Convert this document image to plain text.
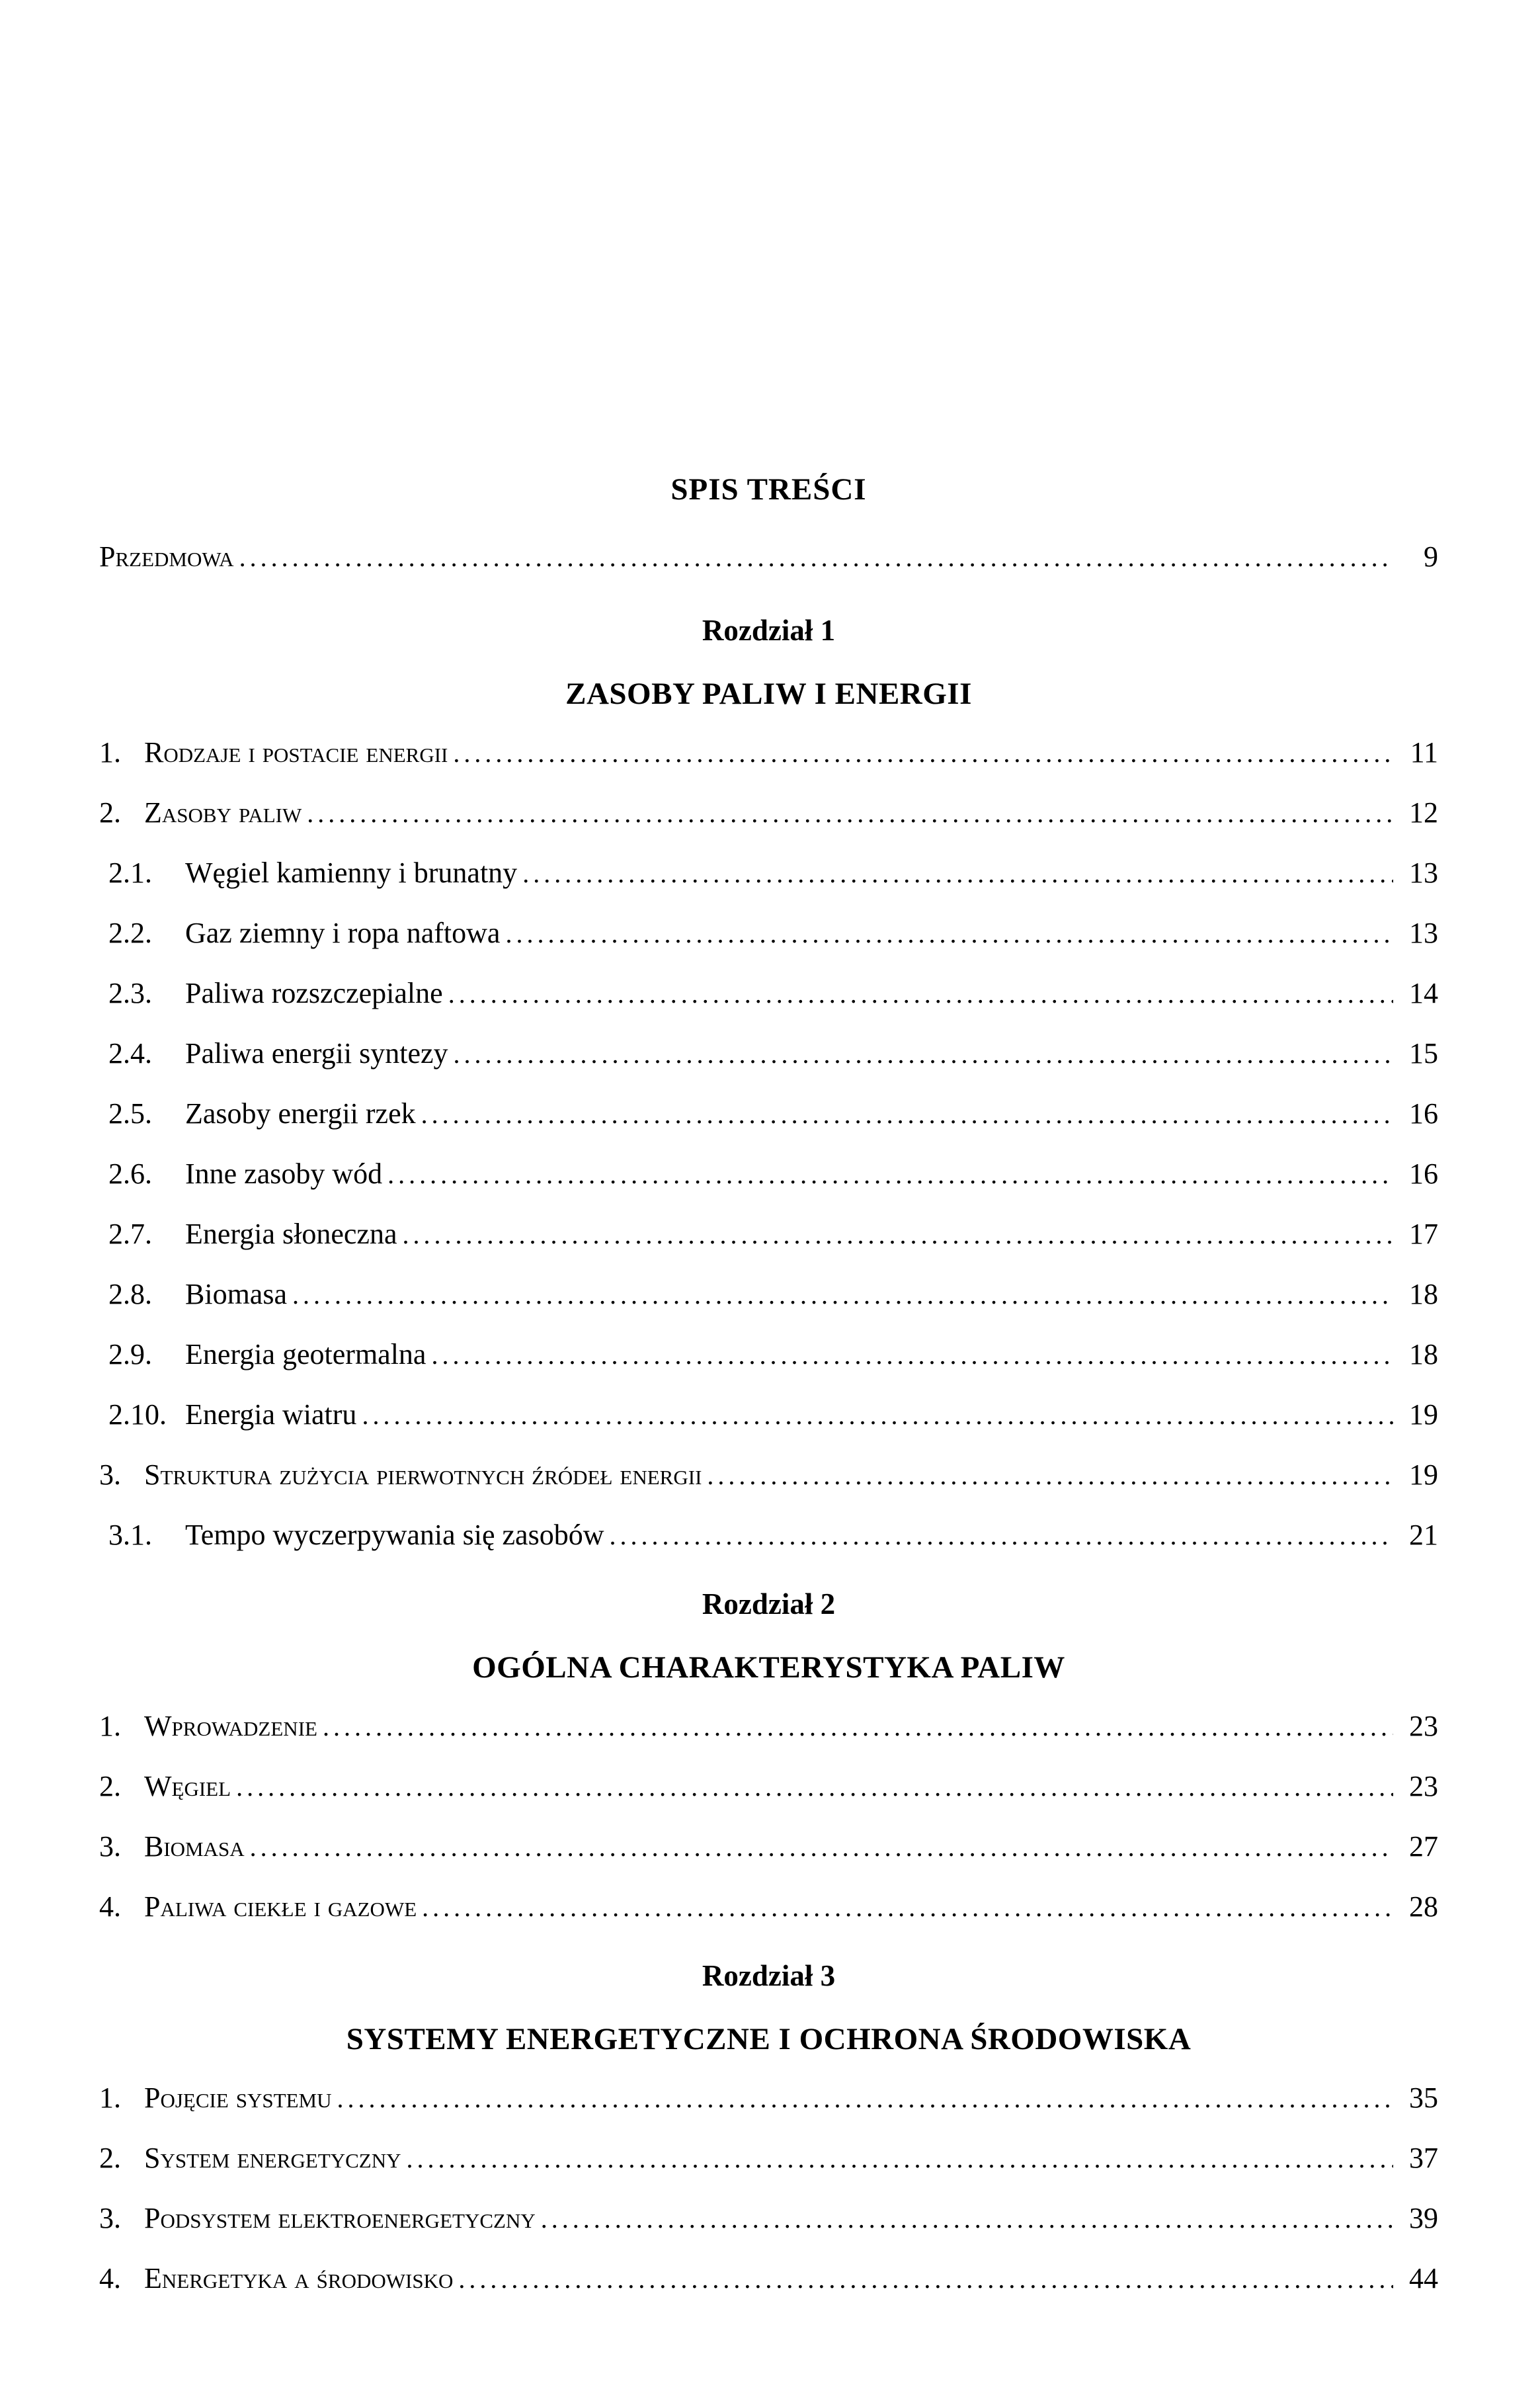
SPIS TREŚCI
Przedmowa .....	9
Rozdział 1
ZASOBY PALIW I ENERGII
1. Rodzaje i postacie energii .....	11
2. Zasoby paliw .....	12
2.1.	Węgiel kamienny i brunatny .....	13
2.2.	Gaz ziemny i ropa naftowa .....	13
2.3.	Paliwa rozszczepialne .....	14
2.4.	Paliwa energii syntezy .....	15
2.5.	Zasoby energii rzek .....	16
2.6.	Inne zasoby wód .....	16
2.7.	Energia słoneczna .....	17
2.8.	Biomasa .....	18
2.9.	Energia geotermalna .....	18
2.10. Energia wiatru .....	19
3. Struktura zużycia pierwotnych źródeł energii .....	19
3.1.	Tempo wyczerpywania się zasobów .....	21
Rozdział 2
OGÓLNA CHARAKTERYSTYKA PALIW
1. Wprowadzenie .....	23
2. Węgiel .....	23
3. Biomasa .....	27
4. Paliwa ciekłe i gazowe .....	28
Rozdział 3
SYSTEMY ENERGETYCZNE I OCHRONA ŚRODOWISKA
1. Pojęcie systemu .....	35
2. System energetyczny .....	37
3. Podsystem elektroenergetyczny .....	39
4. Energetyka a środowisko .....	44
